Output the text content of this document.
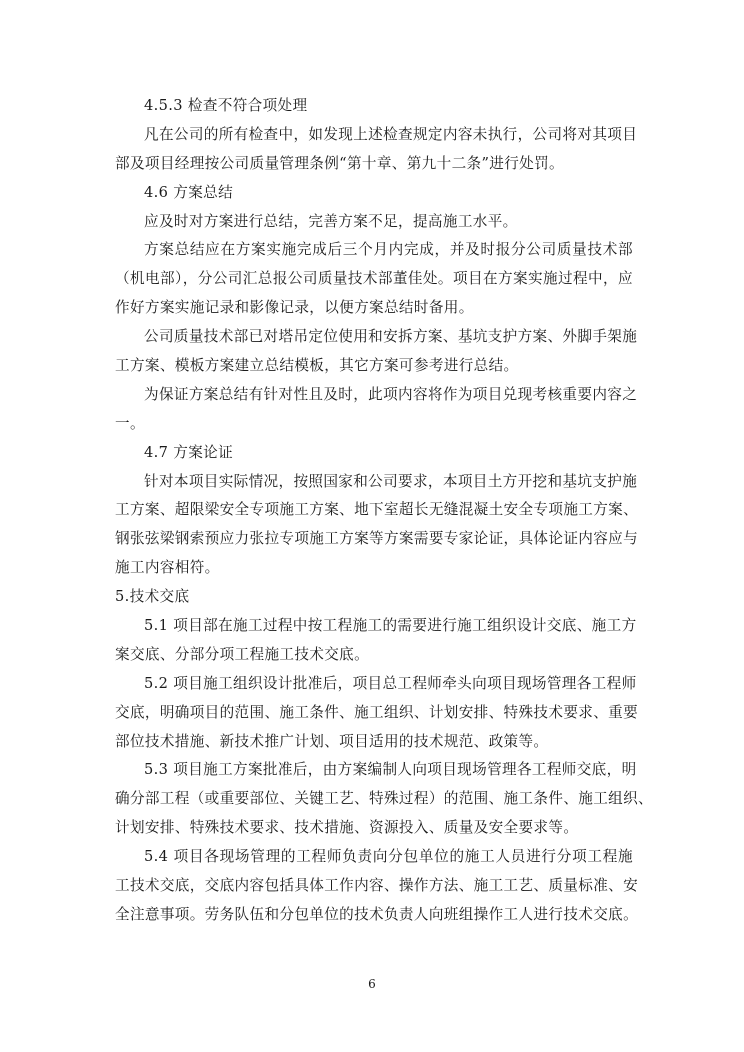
4.5.3 检查不符合项处理
凡在公司的所有检查中，如发现上述检查规定内容未执行，公司将对其项目
部及项目经理按公司质量管理条例“第十章、第九十二条”进行处罚。
4.6 方案总结
应及时对方案进行总结，完善方案不足，提高施工水平。
方案总结应在方案实施完成后三个月内完成，并及时报分公司质量技术部
（机电部），分公司汇总报公司质量技术部董佳处。项目在方案实施过程中，应
作好方案实施记录和影像记录，以便方案总结时备用。
公司质量技术部已对塔吊定位使用和安拆方案、基坑支护方案、外脚手架施
工方案、模板方案建立总结模板，其它方案可参考进行总结。
为保证方案总结有针对性且及时，此项内容将作为项目兑现考核重要内容之
一。
4.7 方案论证
针对本项目实际情况，按照国家和公司要求，本项目土方开挖和基坑支护施
工方案、超限梁安全专项施工方案、地下室超长无缝混凝土安全专项施工方案、
钢张弦梁钢索预应力张拉专项施工方案等方案需要专家论证，具体论证内容应与
施工内容相符。
5.技术交底
5.1 项目部在施工过程中按工程施工的需要进行施工组织设计交底、施工方
案交底、分部分项工程施工技术交底。
5.2 项目施工组织设计批准后，项目总工程师牵头向项目现场管理各工程师
交底，明确项目的范围、施工条件、施工组织、计划安排、特殊技术要求、重要
部位技术措施、新技术推广计划、项目适用的技术规范、政策等。
5.3 项目施工方案批准后，由方案编制人向项目现场管理各工程师交底，明
确分部工程（或重要部位、关键工艺、特殊过程）的范围、施工条件、施工组织、
计划安排、特殊技术要求、技术措施、资源投入、质量及安全要求等。
5.4 项目各现场管理的工程师负责向分包单位的施工人员进行分项工程施
工技术交底，交底内容包括具体工作内容、操作方法、施工工艺、质量标准、安
全注意事项。劳务队伍和分包单位的技术负责人向班组操作工人进行技术交底。
6
